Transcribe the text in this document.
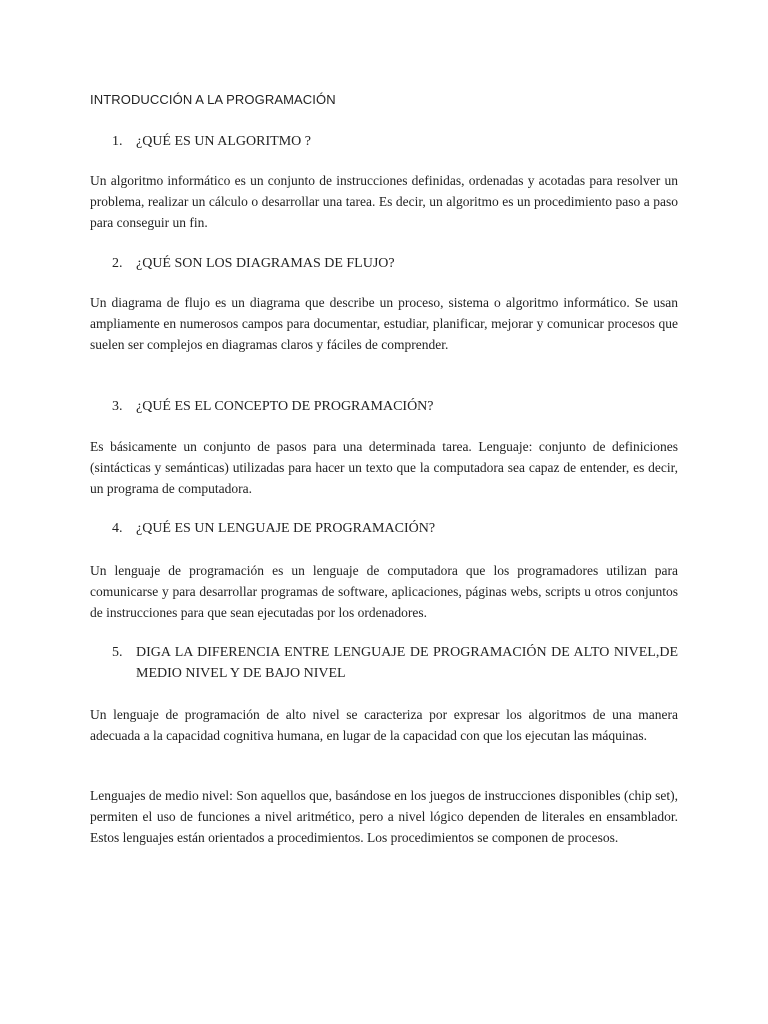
INTRODUCCIÓN A LA PROGRAMACIÓN
1. ¿QUÉ ES UN ALGORITMO ?

Un algoritmo informático es un conjunto de instrucciones definidas, ordenadas y acotadas para resolver un problema, realizar un cálculo o desarrollar una tarea. Es decir, un algoritmo es un procedimiento paso a paso para conseguir un fin.

2. ¿QUÉ SON LOS DIAGRAMAS DE FLUJO?

Un diagrama de flujo es un diagrama que describe un proceso, sistema o algoritmo informático. Se usan ampliamente en numerosos campos para documentar, estudiar, planificar, mejorar y comunicar procesos que suelen ser complejos en diagramas claros y fáciles de comprender.

3. ¿QUÉ ES EL CONCEPTO DE PROGRAMACIÓN?

Es básicamente un conjunto de pasos para una determinada tarea. Lenguaje: conjunto de definiciones (sintácticas y semánticas) utilizadas para hacer un texto que la computadora sea capaz de entender, es decir, un programa de computadora.

4. ¿QUÉ ES UN LENGUAJE DE PROGRAMACIÓN?

Un lenguaje de programación es un lenguaje de computadora que los programadores utilizan para comunicarse y para desarrollar programas de software, aplicaciones, páginas webs, scripts u otros conjuntos de instrucciones para que sean ejecutadas por los ordenadores.

5. DIGA LA DIFERENCIA ENTRE LENGUAJE DE PROGRAMACIÓN DE ALTO NIVEL,DE MEDIO NIVEL Y DE BAJO NIVEL

Un lenguaje de programación de alto nivel se caracteriza por expresar los algoritmos de una manera adecuada a la capacidad cognitiva humana, en lugar de la capacidad con que los ejecutan las máquinas.

Lenguajes de medio nivel: Son aquellos que, basándose en los juegos de instrucciones disponibles (chip set), permiten el uso de funciones a nivel aritmético, pero a nivel lógico dependen de literales en ensamblador. Estos lenguajes están orientados a procedimientos. Los procedimientos se componen de procesos.
